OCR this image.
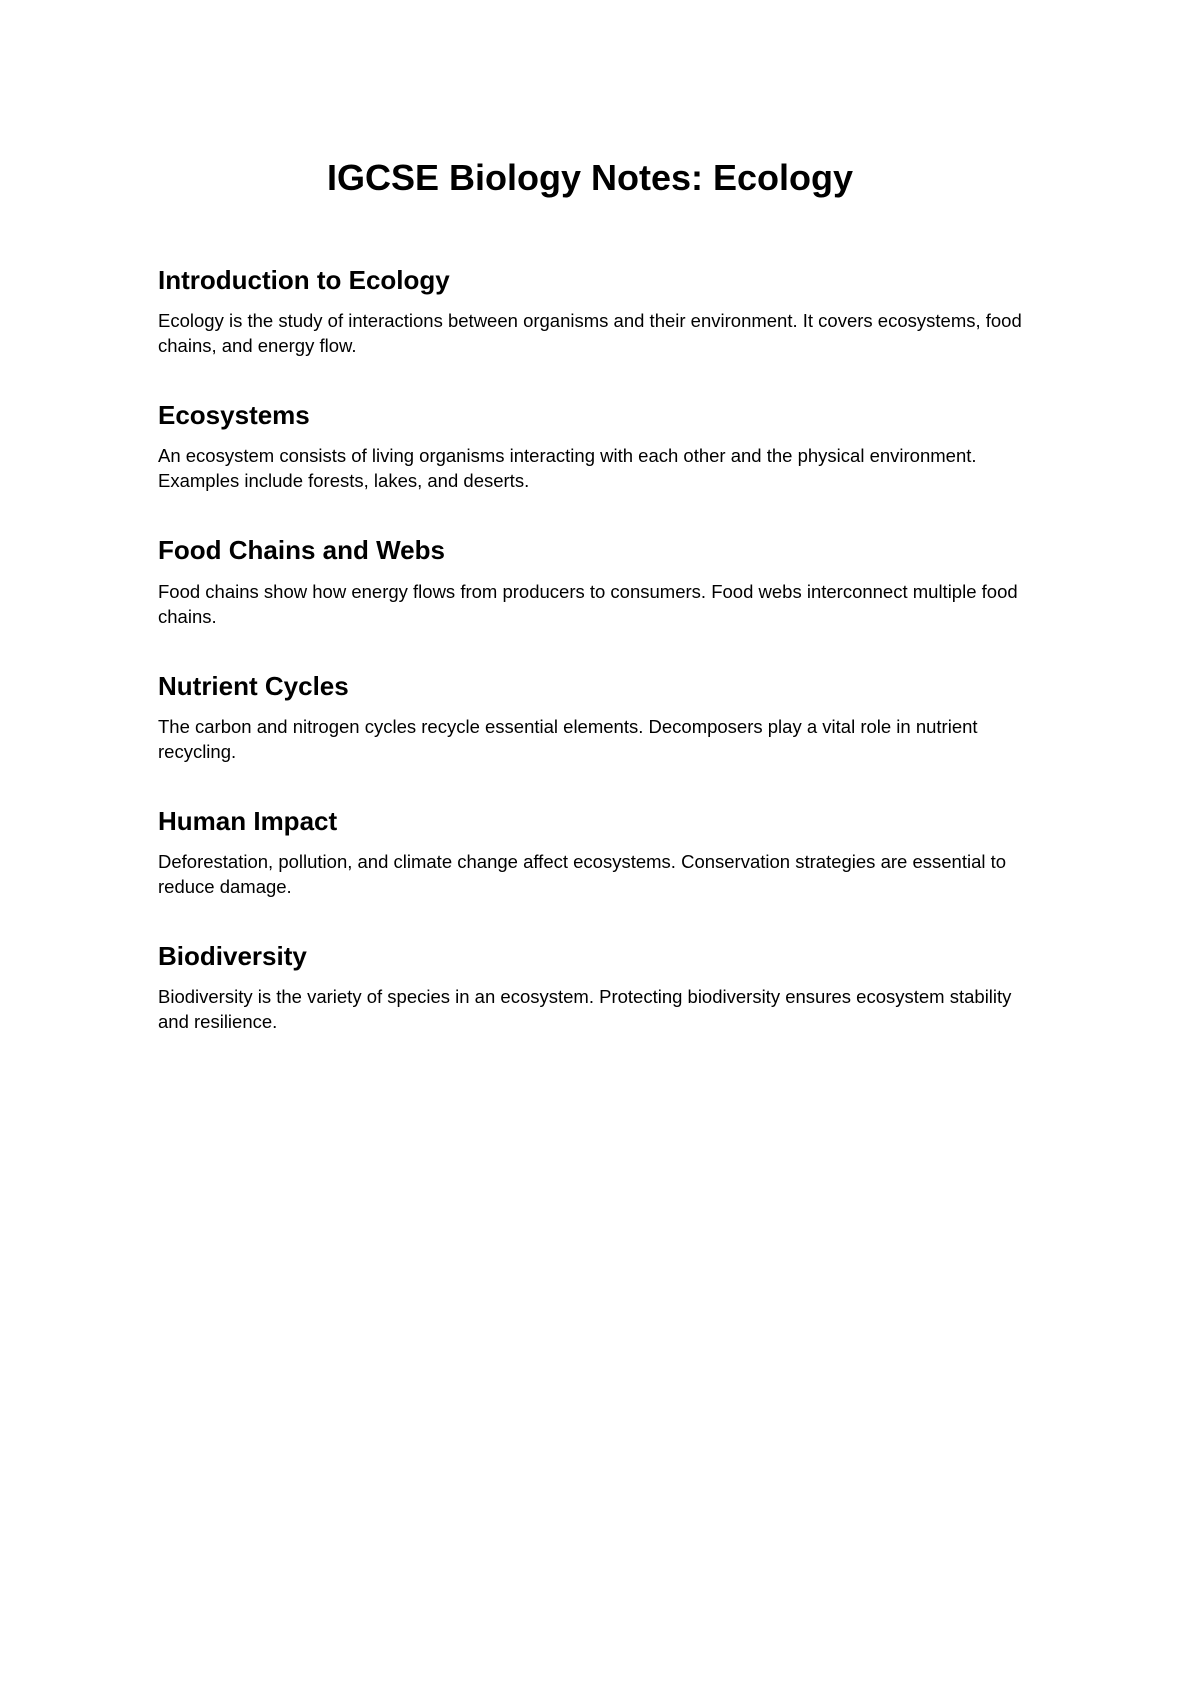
IGCSE Biology Notes: Ecology
Introduction to Ecology

Ecology is the study of interactions between organisms and their environment. It covers ecosystems, food chains, and energy flow.

Ecosystems

An ecosystem consists of living organisms interacting with each other and the physical environment. Examples include forests, lakes, and deserts.

Food Chains and Webs

Food chains show how energy flows from producers to consumers. Food webs interconnect multiple food chains.

Nutrient Cycles

The carbon and nitrogen cycles recycle essential elements. Decomposers play a vital role in nutrient recycling.

Human Impact

Deforestation, pollution, and climate change affect ecosystems. Conservation strategies are essential to reduce damage.

Biodiversity

Biodiversity is the variety of species in an ecosystem. Protecting biodiversity ensures ecosystem stability and resilience.
